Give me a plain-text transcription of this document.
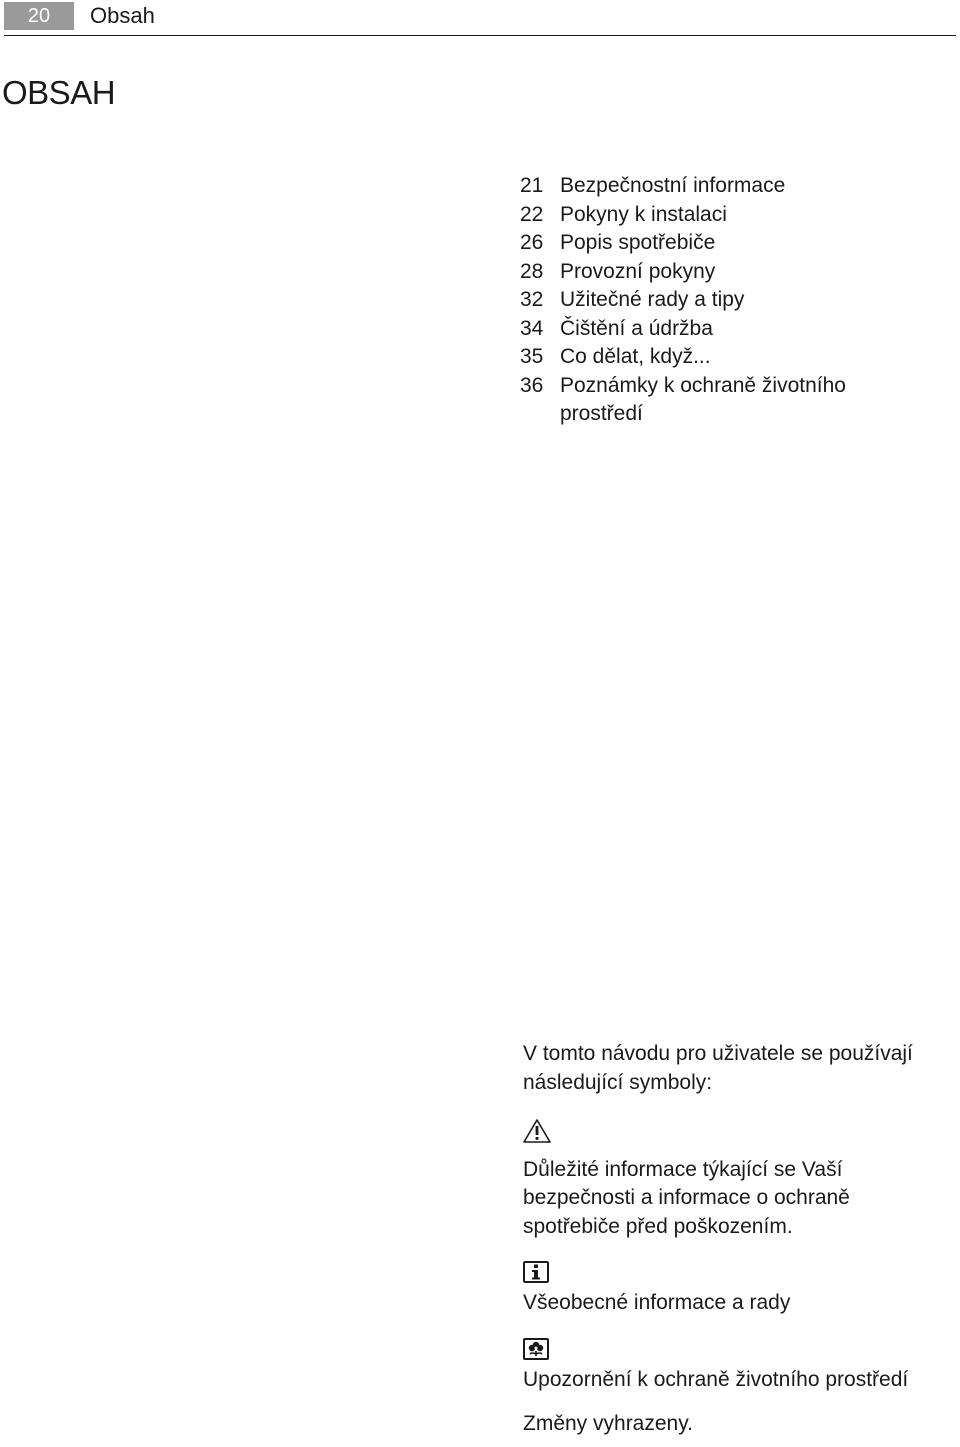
20	Obsah
OBSAH
21 Bezpečnostní informace
22 Pokyny k instalaci
26 Popis spotřebiče
28 Provozní pokyny
32 Užitečné rady a tipy
34 Čištění a údržba
35 Co dělat, když...
36 Poznámky k ochraně životního prostředí

V tomto návodu pro uživatele se používají následující symboly:

Důležité informace týkající se Vaší bezpečnosti a informace o ochraně spotřebiče před poškozením.

Všeobecné informace a rady

Upozornění k ochraně životního prostředí

Změny vyhrazeny.
